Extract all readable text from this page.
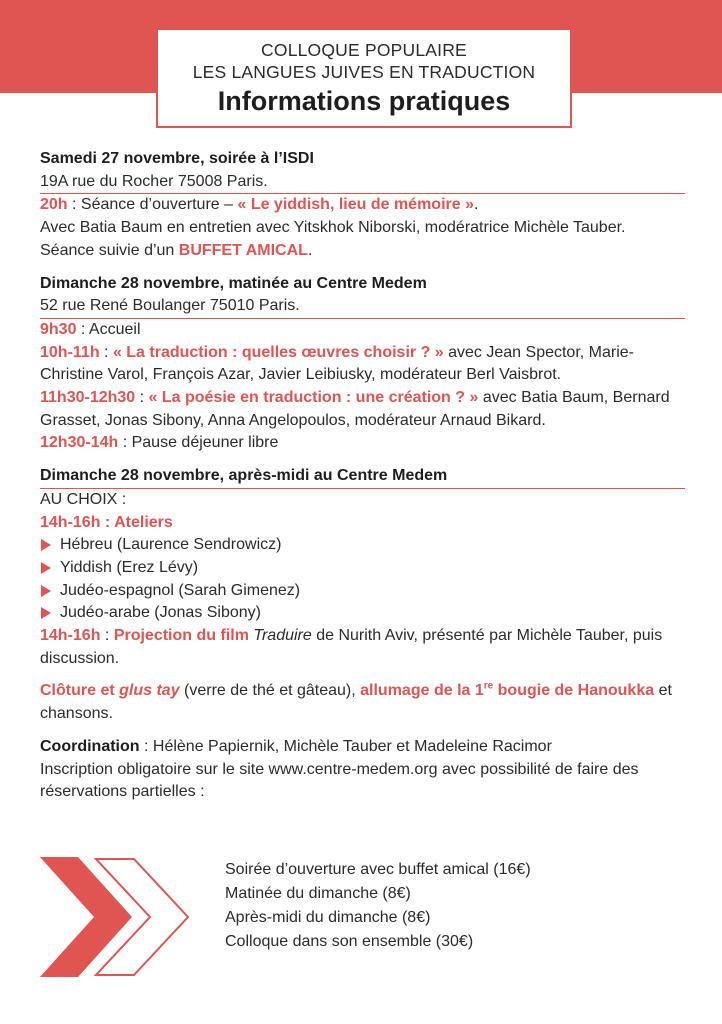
COLLOQUE POPULAIRE
LES LANGUES JUIVES EN TRADUCTION
Informations pratiques
Samedi 27 novembre, soirée à l’ISDI
19A rue du Rocher 75008 Paris.
20h : Séance d’ouverture – « Le yiddish, lieu de mémoire ».
Avec Batia Baum en entretien avec Yitskhok Niborski, modératrice Michèle Tauber.
Séance suivie d’un BUFFET AMICAL.
Dimanche 28 novembre, matinée au Centre Medem
52 rue René Boulanger 75010 Paris.
9h30 : Accueil
10h-11h : « La traduction : quelles œuvres choisir ? » avec Jean Spector, Marie-Christine Varol, François Azar, Javier Leibiusky, modérateur Berl Vaisbrot.
11h30-12h30 : « La poésie en traduction : une création ? » avec Batia Baum, Bernard Grasset, Jonas Sibony, Anna Angelopoulos, modérateur Arnaud Bikard.
12h30-14h : Pause déjeuner libre
Dimanche 28 novembre, après-midi au Centre Medem
AU CHOIX :
14h-16h : Ateliers
Hébreu (Laurence Sendrowicz)
Yiddish (Erez Lévy)
Judéo-espagnol (Sarah Gimenez)
Judéo-arabe (Jonas Sibony)
14h-16h : Projection du film Traduire de Nurith Aviv, présenté par Michèle Tauber, puis discussion.
Clôture et glus tay (verre de thé et gâteau), allumage de la 1re bougie de Hanoukka et chansons.
Coordination : Hélène Papiernik, Michèle Tauber et Madeleine Racimor
Inscription obligatoire sur le site www.centre-medem.org avec possibilité de faire des réservations partielles :
Soirée d’ouverture avec buffet amical (16€)
Matinée du dimanche (8€)
Après-midi du dimanche (8€)
Colloque dans son ensemble (30€)
